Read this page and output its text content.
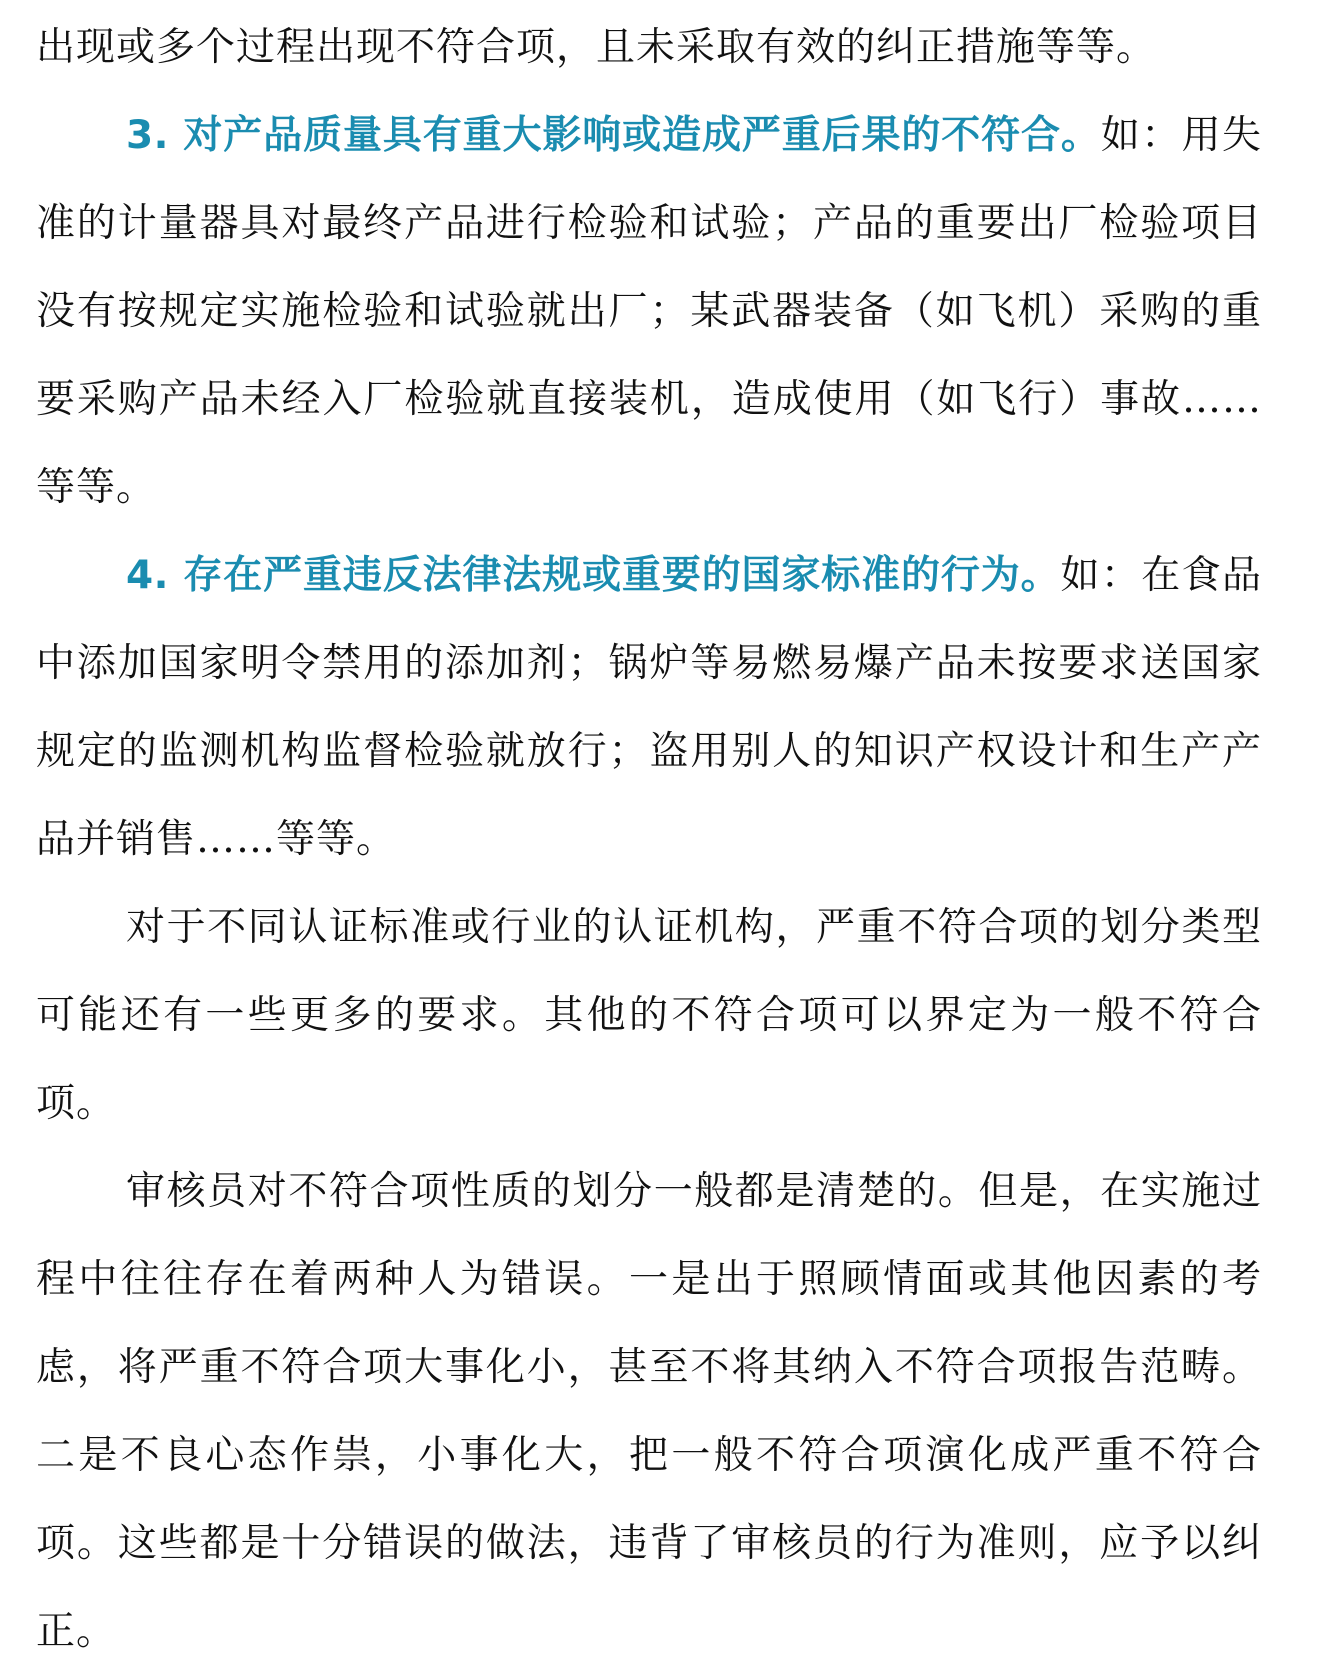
出现或多个过程出现不符合项，且未采取有效的纠正措施等等。

3. 对产品质量具有重大影响或造成严重后果的不符合。如：用失准的计量器具对最终产品进行检验和试验；产品的重要出厂检验项目没有按规定实施检验和试验就出厂；某武器装备（如飞机）采购的重要采购产品未经入厂检验就直接装机，造成使用（如飞行）事故……等等。

4. 存在严重违反法律法规或重要的国家标准的行为。如：在食品中添加国家明令禁用的添加剂；锅炉等易燃易爆产品未按要求送国家规定的监测机构监督检验就放行；盗用别人的知识产权设计和生产产品并销售……等等。

对于不同认证标准或行业的认证机构，严重不符合项的划分类型可能还有一些更多的要求。其他的不符合项可以界定为一般不符合项。

审核员对不符合项性质的划分一般都是清楚的。但是，在实施过程中往往存在着两种人为错误。一是出于照顾情面或其他因素的考虑，将严重不符合项大事化小，甚至不将其纳入不符合项报告范畴。二是不良心态作祟，小事化大，把一般不符合项演化成严重不符合项。这些都是十分错误的做法，违背了审核员的行为准则，应予以纠正。
